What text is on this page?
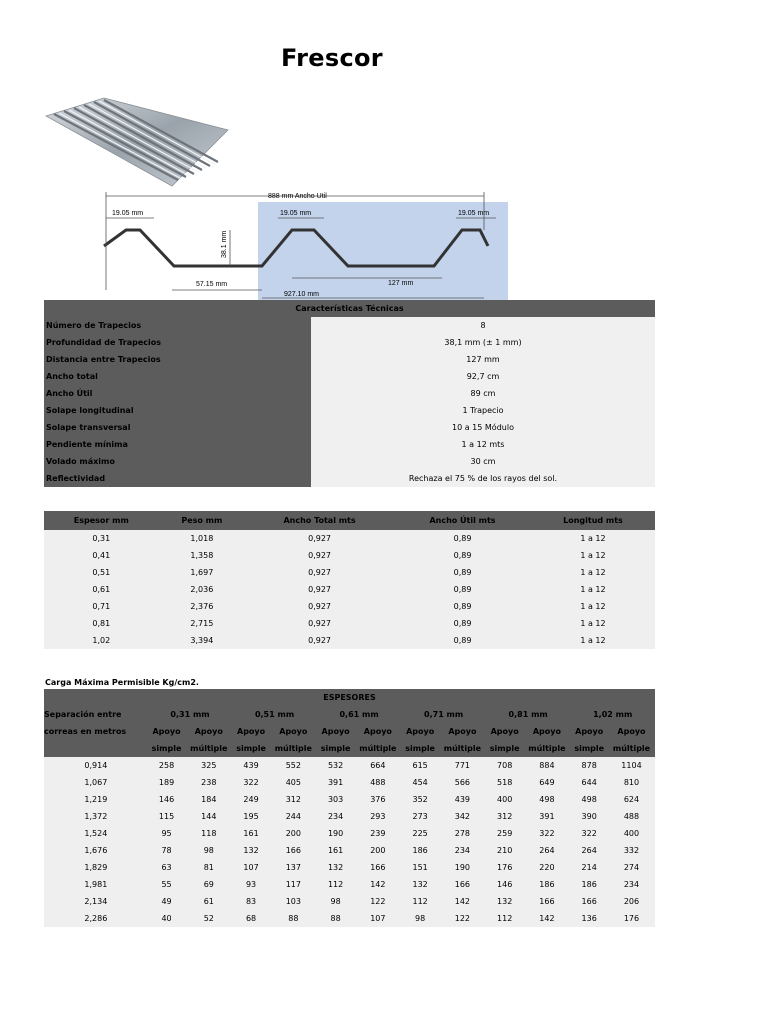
Frescor
888 mm Ancho Util
19.05 mm	19.05 mm	19.05 mm
38.1 mm
57.15 mm	127 mm
927.10 mm
Características Técnicas	
Número de Trapecios	8
Profundidad de Trapecios	38,1 mm (± 1 mm)
Distancia entre Trapecios	127 mm
Ancho total	92,7 cm
Ancho Útil	89 cm
Solape longitudinal	1 Trapecio
Solape transversal	10 a 15 Módulo
Pendiente mínima	1 a 12 mts
Volado máximo	30 cm
Reflectividad	Rechaza el 75 % de los rayos del sol.
Espesor mm	Peso mm	Ancho Total mts	Ancho Útil mts	Longitud mts
0,31	1,018	0,927	0,89	1 a 12
0,41	1,358	0,927	0,89	1 a 12
0,51	1,697	0,927	0,89	1 a 12
0,61	2,036	0,927	0,89	1 a 12
0,71	2,376	0,927	0,89	1 a 12
0,81	2,715	0,927	0,89	1 a 12
1,02	3,394	0,927	0,89	1 a 12
Carga Máxima Permisible Kg/cm2.
ESPESORES												
Separación entre	0,31 mm		0,51 mm		0,61 mm		0,71 mm		0,81 mm		1,02 mm	
correas en metros	Apoyo	Apoyo	Apoyo	Apoyo	Apoyo	Apoyo	Apoyo	Apoyo	Apoyo	Apoyo	Apoyo	Apoyo
	simple	múltiple	simple	múltiple	simple	múltiple	simple	múltiple	simple	múltiple	simple	múltiple
0,914	258	325	439	552	532	664	615	771	708	884	878	1104
1,067	189	238	322	405	391	488	454	566	518	649	644	810
1,219	146	184	249	312	303	376	352	439	400	498	498	624
1,372	115	144	195	244	234	293	273	342	312	391	390	488
1,524	95	118	161	200	190	239	225	278	259	322	322	400
1,676	78	98	132	166	161	200	186	234	210	264	264	332
1,829	63	81	107	137	132	166	151	190	176	220	214	274
1,981	55	69	93	117	112	142	132	166	146	186	186	234
2,134	49	61	83	103	98	122	112	142	132	166	166	206
2,286	40	52	68	88	88	107	98	122	112	142	136	176
